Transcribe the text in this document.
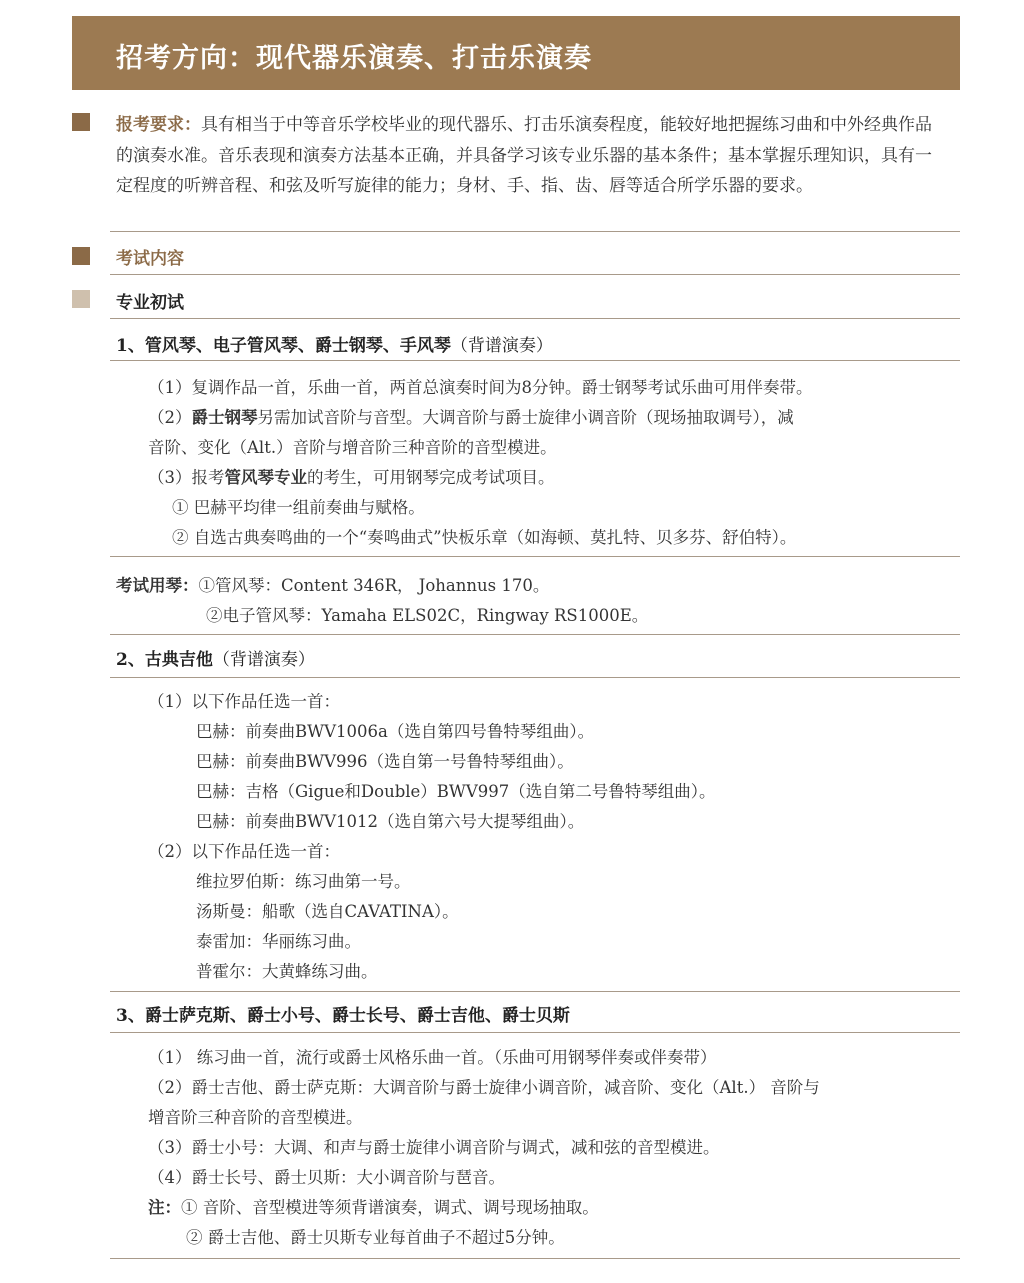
招考方向：现代器乐演奏、打击乐演奏
报考要求：具有相当于中等音乐学校毕业的现代器乐、打击乐演奏程度，能较好地把握练习曲和中外经典作品的演奏水准。音乐表现和演奏方法基本正确，并具备学习该专业乐器的基本条件；基本掌握乐理知识，具有一定程度的听辨音程、和弦及听写旋律的能力；身材、手、指、齿、唇等适合所学乐器的要求。
考试内容
专业初试
1、管风琴、电子管风琴、爵士钢琴、手风琴（背谱演奏）
（1）复调作品一首，乐曲一首，两首总演奏时间为8分钟。爵士钢琴考试乐曲可用伴奏带。
（2）爵士钢琴另需加试音阶与音型。大调音阶与爵士旋律小调音阶（现场抽取调号），减
音阶、变化（Alt.）音阶与增音阶三种音阶的音型模进。
（3）报考管风琴专业的考生，可用钢琴完成考试项目。
① 巴赫平均律一组前奏曲与赋格。
② 自选古典奏鸣曲的一个“奏鸣曲式”快板乐章（如海顿、莫扎特、贝多芬、舒伯特）。
考试用琴：①管风琴：Content 346R， Johannus 170。
②电子管风琴：Yamaha ELS02C，Ringway RS1000E。
2、古典吉他（背谱演奏）
（1）以下作品任选一首：
巴赫：前奏曲BWV1006a（选自第四号鲁特琴组曲）。
巴赫：前奏曲BWV996（选自第一号鲁特琴组曲）。
巴赫：吉格（Gigue和Double）BWV997（选自第二号鲁特琴组曲）。
巴赫：前奏曲BWV1012（选自第六号大提琴组曲）。
（2）以下作品任选一首：
维拉罗伯斯：练习曲第一号。
汤斯曼：船歌（选自CAVATINA）。
泰雷加：华丽练习曲。
普霍尔：大黄蜂练习曲。
3、爵士萨克斯、爵士小号、爵士长号、爵士吉他、爵士贝斯
（1） 练习曲一首，流行或爵士风格乐曲一首。（乐曲可用钢琴伴奏或伴奏带）
（2）爵士吉他、爵士萨克斯：大调音阶与爵士旋律小调音阶，减音阶、变化（Alt.） 音阶与
增音阶三种音阶的音型模进。
（3）爵士小号：大调、和声与爵士旋律小调音阶与调式，减和弦的音型模进。
（4）爵士长号、爵士贝斯：大小调音阶与琶音。
注：① 音阶、音型模进等须背谱演奏，调式、调号现场抽取。
② 爵士吉他、爵士贝斯专业每首曲子不超过5分钟。
